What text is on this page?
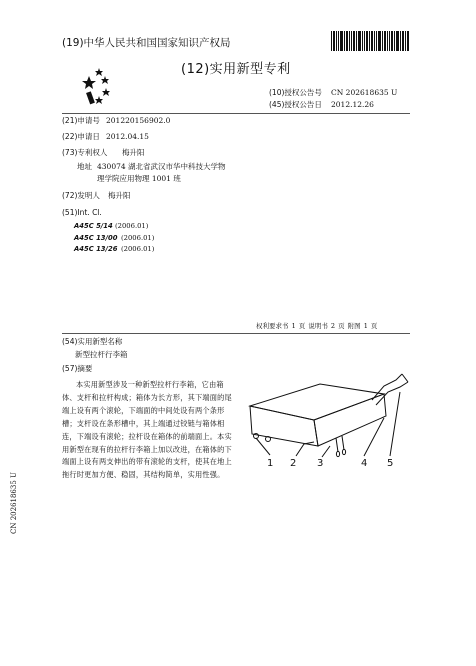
(19)中华人民共和国国家知识产权局
(12)实用新型专利
(10)授权公告号 CN 202618635 U
(45)授权公告日 2012.12.26
(21)申请号 201220156902.0
(22)申请日 2012.04.15
(73)专利权人 梅升阳
地址 430074 湖北省武汉市华中科技大学物
理学院应用物理 1001 班
(72)发明人 梅升阳
(51)Int. Cl.
A45C 5/14 (2006.01)
A45C 13/00 (2006.01)
A45C 13/26 (2006.01)
权利要求书 1 页 说明书 2 页 附图 1 页
(54)实用新型名称
新型拉杆行李箱
(57)摘要
本实用新型涉及一种新型拉杆行李箱，它由箱体、支杆和拉杆构成；箱体为长方形，其下端面的尾端上设有两个滚轮，下端面的中间处设有两个条形槽；支杆设在条形槽中，其上端通过铰链与箱体相连，下端设有滚轮；拉杆设在箱体的前端面上。本实用新型在现有的拉杆行李箱上加以改进，在箱体的下端面上设有两支伸出的带有滚轮的支杆，使其在地上拖行时更加方便、稳固，其结构简单，实用性强。
1 2 3	4 5
CN 202618635 U
